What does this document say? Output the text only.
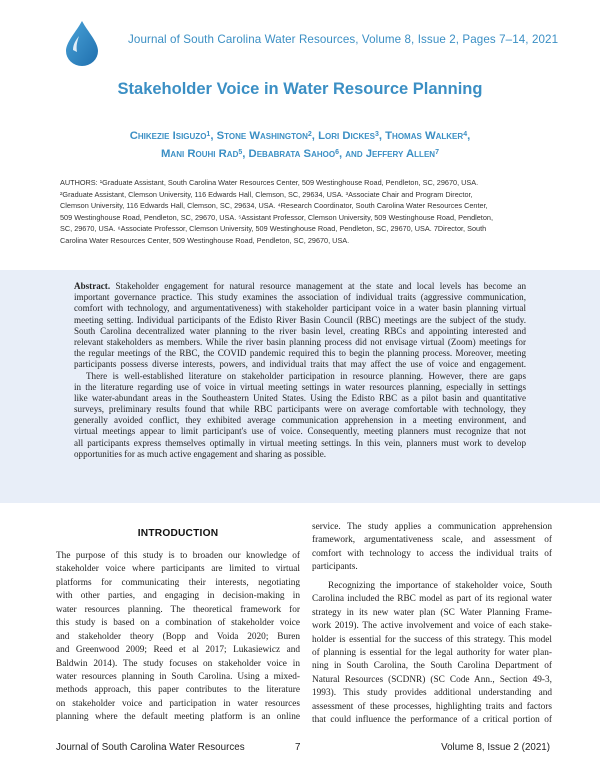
Journal of South Carolina Water Resources, Volume 8, Issue 2, Pages 7–14, 2021
Stakeholder Voice in Water Resource Planning
Chikezie Isiguzo$^1$, Stone Washington$^2$, Lori Dickes$^3$, Thomas Walker$^4$,
Mani Rouhi Rad$^5$, Debabrata Sahoo$^6$, and Jeffery Allen$^7$
AUTHORS: ¹Graduate Assistant, South Carolina Water Resources Center, 509 Westinghouse Road, Pendleton, SC, 29670, USA.
²Graduate Assistant, Clemson University, 116 Edwards Hall, Clemson, SC, 29634, USA. ³Associate Chair and Program Director,
Clemson University, 116 Edwards Hall, Clemson, SC, 29634, USA. ⁴Research Coordinator, South Carolina Water Resources Center,
509 Westinghouse Road, Pendleton, SC, 29670, USA. ⁵Assistant Professor, Clemson University, 509 Westinghouse Road, Pendleton,
SC, 29670, USA. ⁶Associate Professor, Clemson University, 509 Westinghouse Road, Pendleton, SC, 29670, USA. 7Director, South
Carolina Water Resources Center, 509 Westinghouse Road, Pendleton, SC, 29670, USA.
Abstract. Stakeholder engagement for natural resource management at the state and local levels has become an
important governance practice. This study examines the association of individual traits (aggressive communication,
comfort with technology, and argumentativeness) with stakeholder participant voice in a water basin planning virtual
meeting setting. Individual participants of the Edisto River Basin Council (RBC) meetings are the subject of the study.
South Carolina decentralized water planning to the river basin level, creating RBCs and appointing interested and
relevant stakeholders as members. While the river basin planning process did not envisage virtual (Zoom) meetings for
the regular meetings of the RBC, the COVID pandemic required this to begin the planning process. Moreover, meeting
participants possess diverse interests, powers, and individual traits that may affect the use of voice and engagement.
There is well-established literature on stakeholder participation in resource planning. However, there are gaps
in the literature regarding use of voice in virtual meeting settings in water resources planning, especially in settings
like water-abundant areas in the Southeastern United States. Using the Edisto RBC as a pilot basin and quantitative
surveys, preliminary results found that while RBC participants were on average comfortable with technology, they
generally avoided conflict, they exhibited average communication apprehension in a meeting environment, and
virtual meetings appear to limit participant's use of voice. Consequently, meeting planners must recognize that not
all participants express themselves optimally in virtual meeting settings. In this vein, planners must work to develop
opportunities for as much active engagement and sharing as possible.
INTRODUCTION
The purpose of this study is to broaden our knowledge of
stakeholder voice where participants are limited to virtual
platforms for communicating their interests, negotiating
with other parties, and engaging in decision-making in
water resources planning. The theoretical framework for
this study is based on a combination of stakeholder voice
and stakeholder theory (Bopp and Voida 2020; Buren
and Greenwood 2009; Reed et al 2017; Lukasiewicz and
Baldwin 2014). The study focuses on stakeholder voice in
water resources planning in South Carolina. Using a mixed-
methods approach, this paper contributes to the literature
on stakeholder voice and participation in water resources
planning where the default meeting platform is an online
service. The study applies a communication apprehension
framework, argumentativeness scale, and assessment of
comfort with technology to access the individual traits of
participants.
Recognizing the importance of stakeholder voice, South
Carolina included the RBC model as part of its regional water
strategy in its new water plan (SC Water Planning Frame-
work 2019). The active involvement and voice of each stake-
holder is essential for the success of this strategy. This model
of planning is essential for the legal authority for water plan-
ning in South Carolina, the South Carolina Department of
Natural Resources (SCDNR) (SC Code Ann., Section 49-3,
1993). This study provides additional understanding and
assessment of these processes, highlighting traits and factors
that could influence the performance of a critical portion of
Journal of South Carolina Water Resources	7	Volume 8, Issue 2 (2021)
